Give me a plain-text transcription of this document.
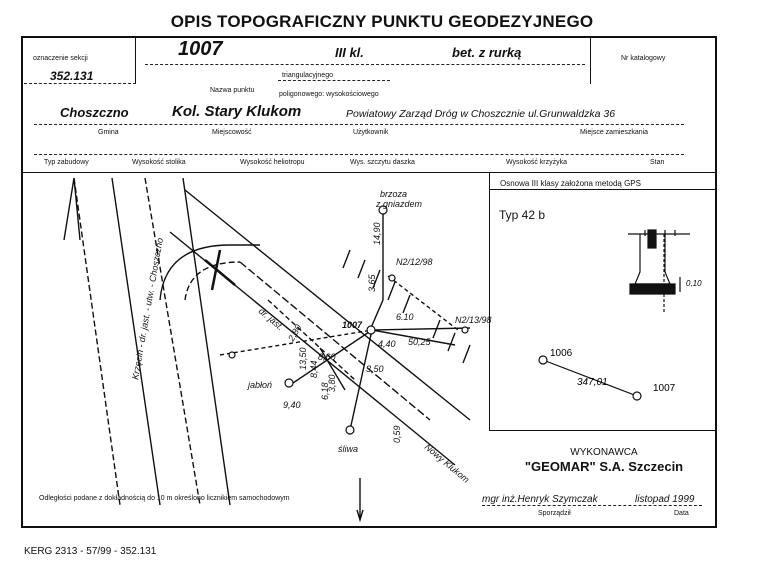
OPIS TOPOGRAFICZNY PUNKTU GEODEZYJNEGO
oznaczenie sekcji
352.131
1007	III kl.	bet. z rurką	Nr katalogowy
triangulacyjnego
Nazwa punktu
poligonowego: wysokościowego
Choszczno	Kol. Stary Klukom	Powiatowy Zarząd Dróg w Choszcznie ul.Grunwaldzka 36
Gmina	Miejscowość	Użytkownik	Miejsce zamieszkania
Typ zabudowy	Wysokość stolika	Wysokość heliotropu	Wys. szczytu daszka	Wysokość krzyżyka	Stan
brzoza
z gniazdem
jabłoń
śliwa
N2/12/98
N2/13/98
1007
50,25
6.10
4,40
9,40
8,60
3,50
dr. jast.
Nowy Klukom
3.65
14,90
13,50 8,44
6,18
0,59
2,80
3,80
Krzęcin - dr. jast. - utw. - Choszczno
Osnowa III klasy założona metodą GPS
Typ 42 b
0,10
1006
1007
347,01
Odległości podane z dokładnością do 10 m określono licznikiem samochodowym
WYKONAWCA
"GEOMAR" S.A. Szczecin
mgr inż.Henryk Szymczak	listopad 1999
Sporządził	Data
KERG 2313 - 57/99 - 352.131
